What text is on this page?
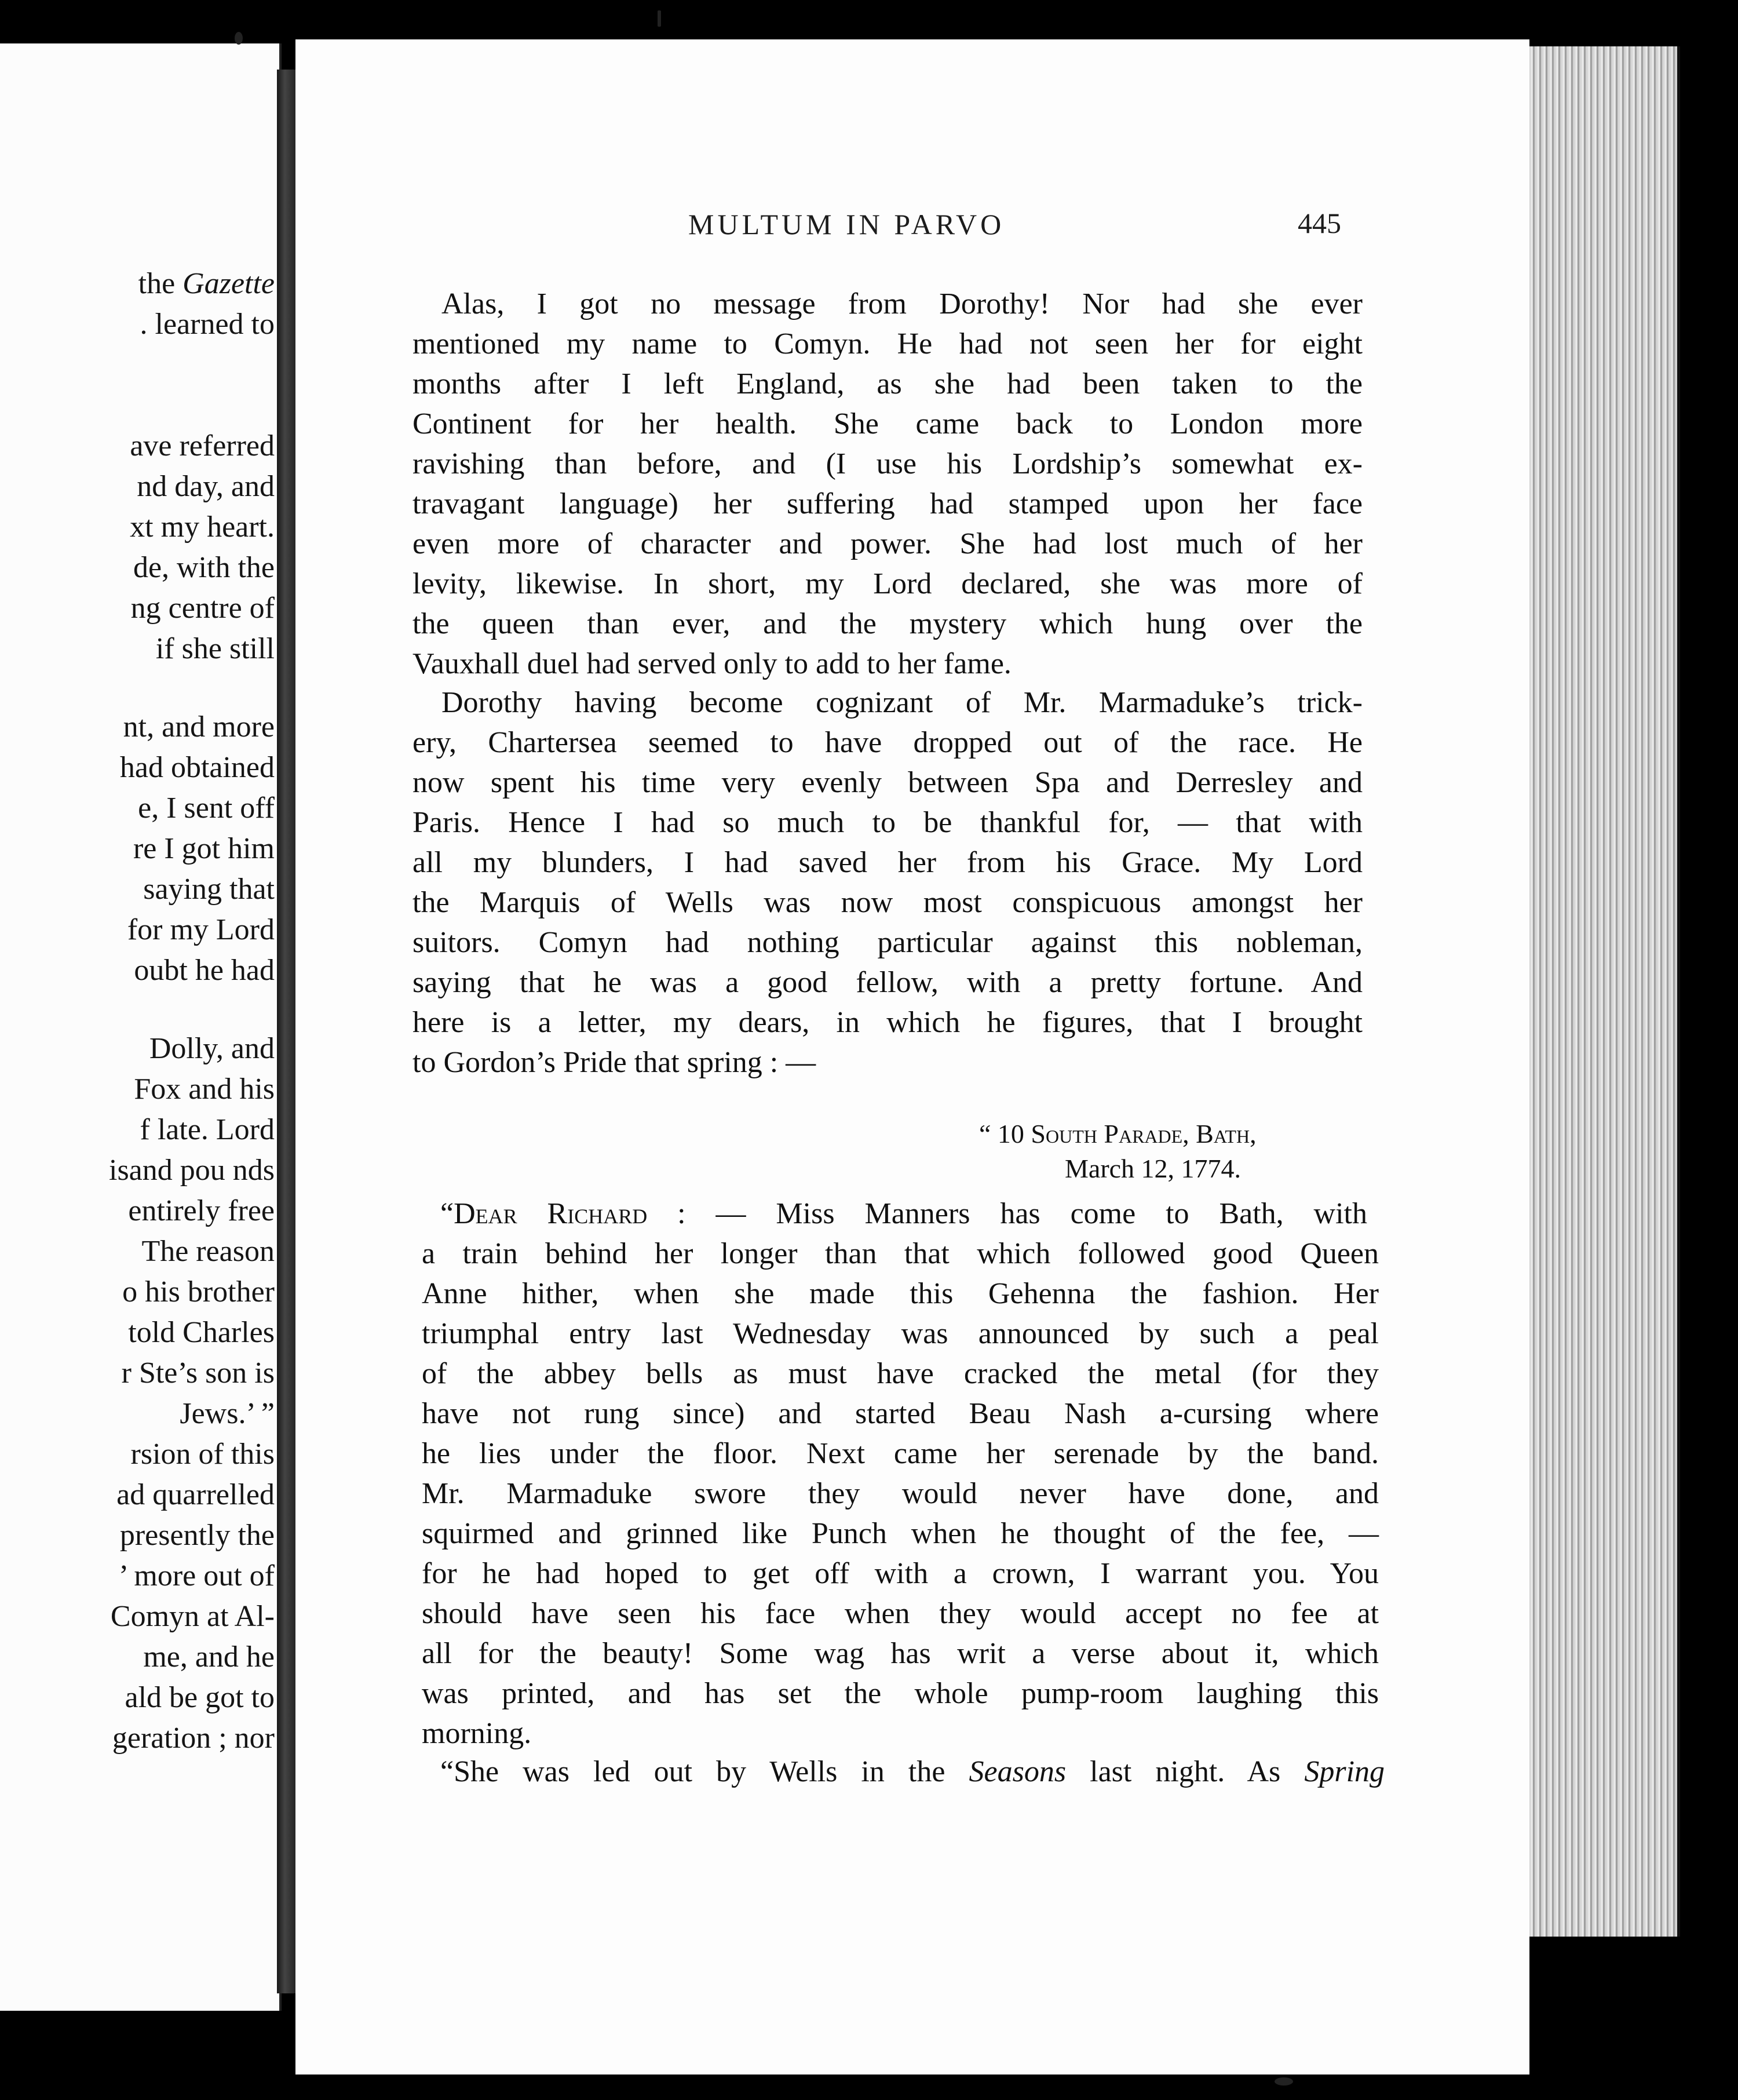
the Gazette
. learned to
ave referred
nd day, and
xt my heart.
de, with the
ng centre of
if she still
nt, and more
had obtained
e, I sent off
re I got him
saying that
for my Lord
oubt he had
Dolly, and
Fox and his
f late. Lord
isand pou nds
entirely free
The reason
o his brother
told Charles
r Ste’s son is
Jews.’ ”
rsion of this
ad quarrelled
presently the
’ more out of
Comyn at Al-
me, and he
ald be got to
geration ; nor
MULTUM IN PARVO	445
Alas, I got no message from Dorothy! Nor had she ever
mentioned my name to Comyn. He had not seen her for eight
months after I left England, as she had been taken to the
Continent for her health. She came back to London more
ravishing than before, and (I use his Lordship’s somewhat ex-
travagant language) her suffering had stamped upon her face
even more of character and power. She had lost much of her
levity, likewise. In short, my Lord declared, she was more of
the queen than ever, and the mystery which hung over the
Vauxhall duel had served only to add to her fame.
Dorothy having become cognizant of Mr. Marmaduke’s trick-
ery, Chartersea seemed to have dropped out of the race. He
now spent his time very evenly between Spa and Derresley and
Paris. Hence I had so much to be thankful for, — that with
all my blunders, I had saved her from his Grace. My Lord
the Marquis of Wells was now most conspicuous amongst her
suitors. Comyn had nothing particular against this nobleman,
saying that he was a good fellow, with a pretty fortune. And
here is a letter, my dears, in which he figures, that I brought
to Gordon’s Pride that spring : —
“ 10 South Parade, Bath,
March 12, 1774.
“Dear Richard : — Miss Manners has come to Bath, with
a train behind her longer than that which followed good Queen
Anne hither, when she made this Gehenna the fashion. Her
triumphal entry last Wednesday was announced by such a peal
of the abbey bells as must have cracked the metal (for they
have not rung since) and started Beau Nash a-cursing where
he lies under the floor. Next came her serenade by the band.
Mr. Marmaduke swore they would never have done, and
squirmed and grinned like Punch when he thought of the fee, —
for he had hoped to get off with a crown, I warrant you. You
should have seen his face when they would accept no fee at
all for the beauty! Some wag has writ a verse about it, which
was printed, and has set the whole pump-room laughing this
morning.
“She was led out by Wells in the Seasons last night. As Spring
